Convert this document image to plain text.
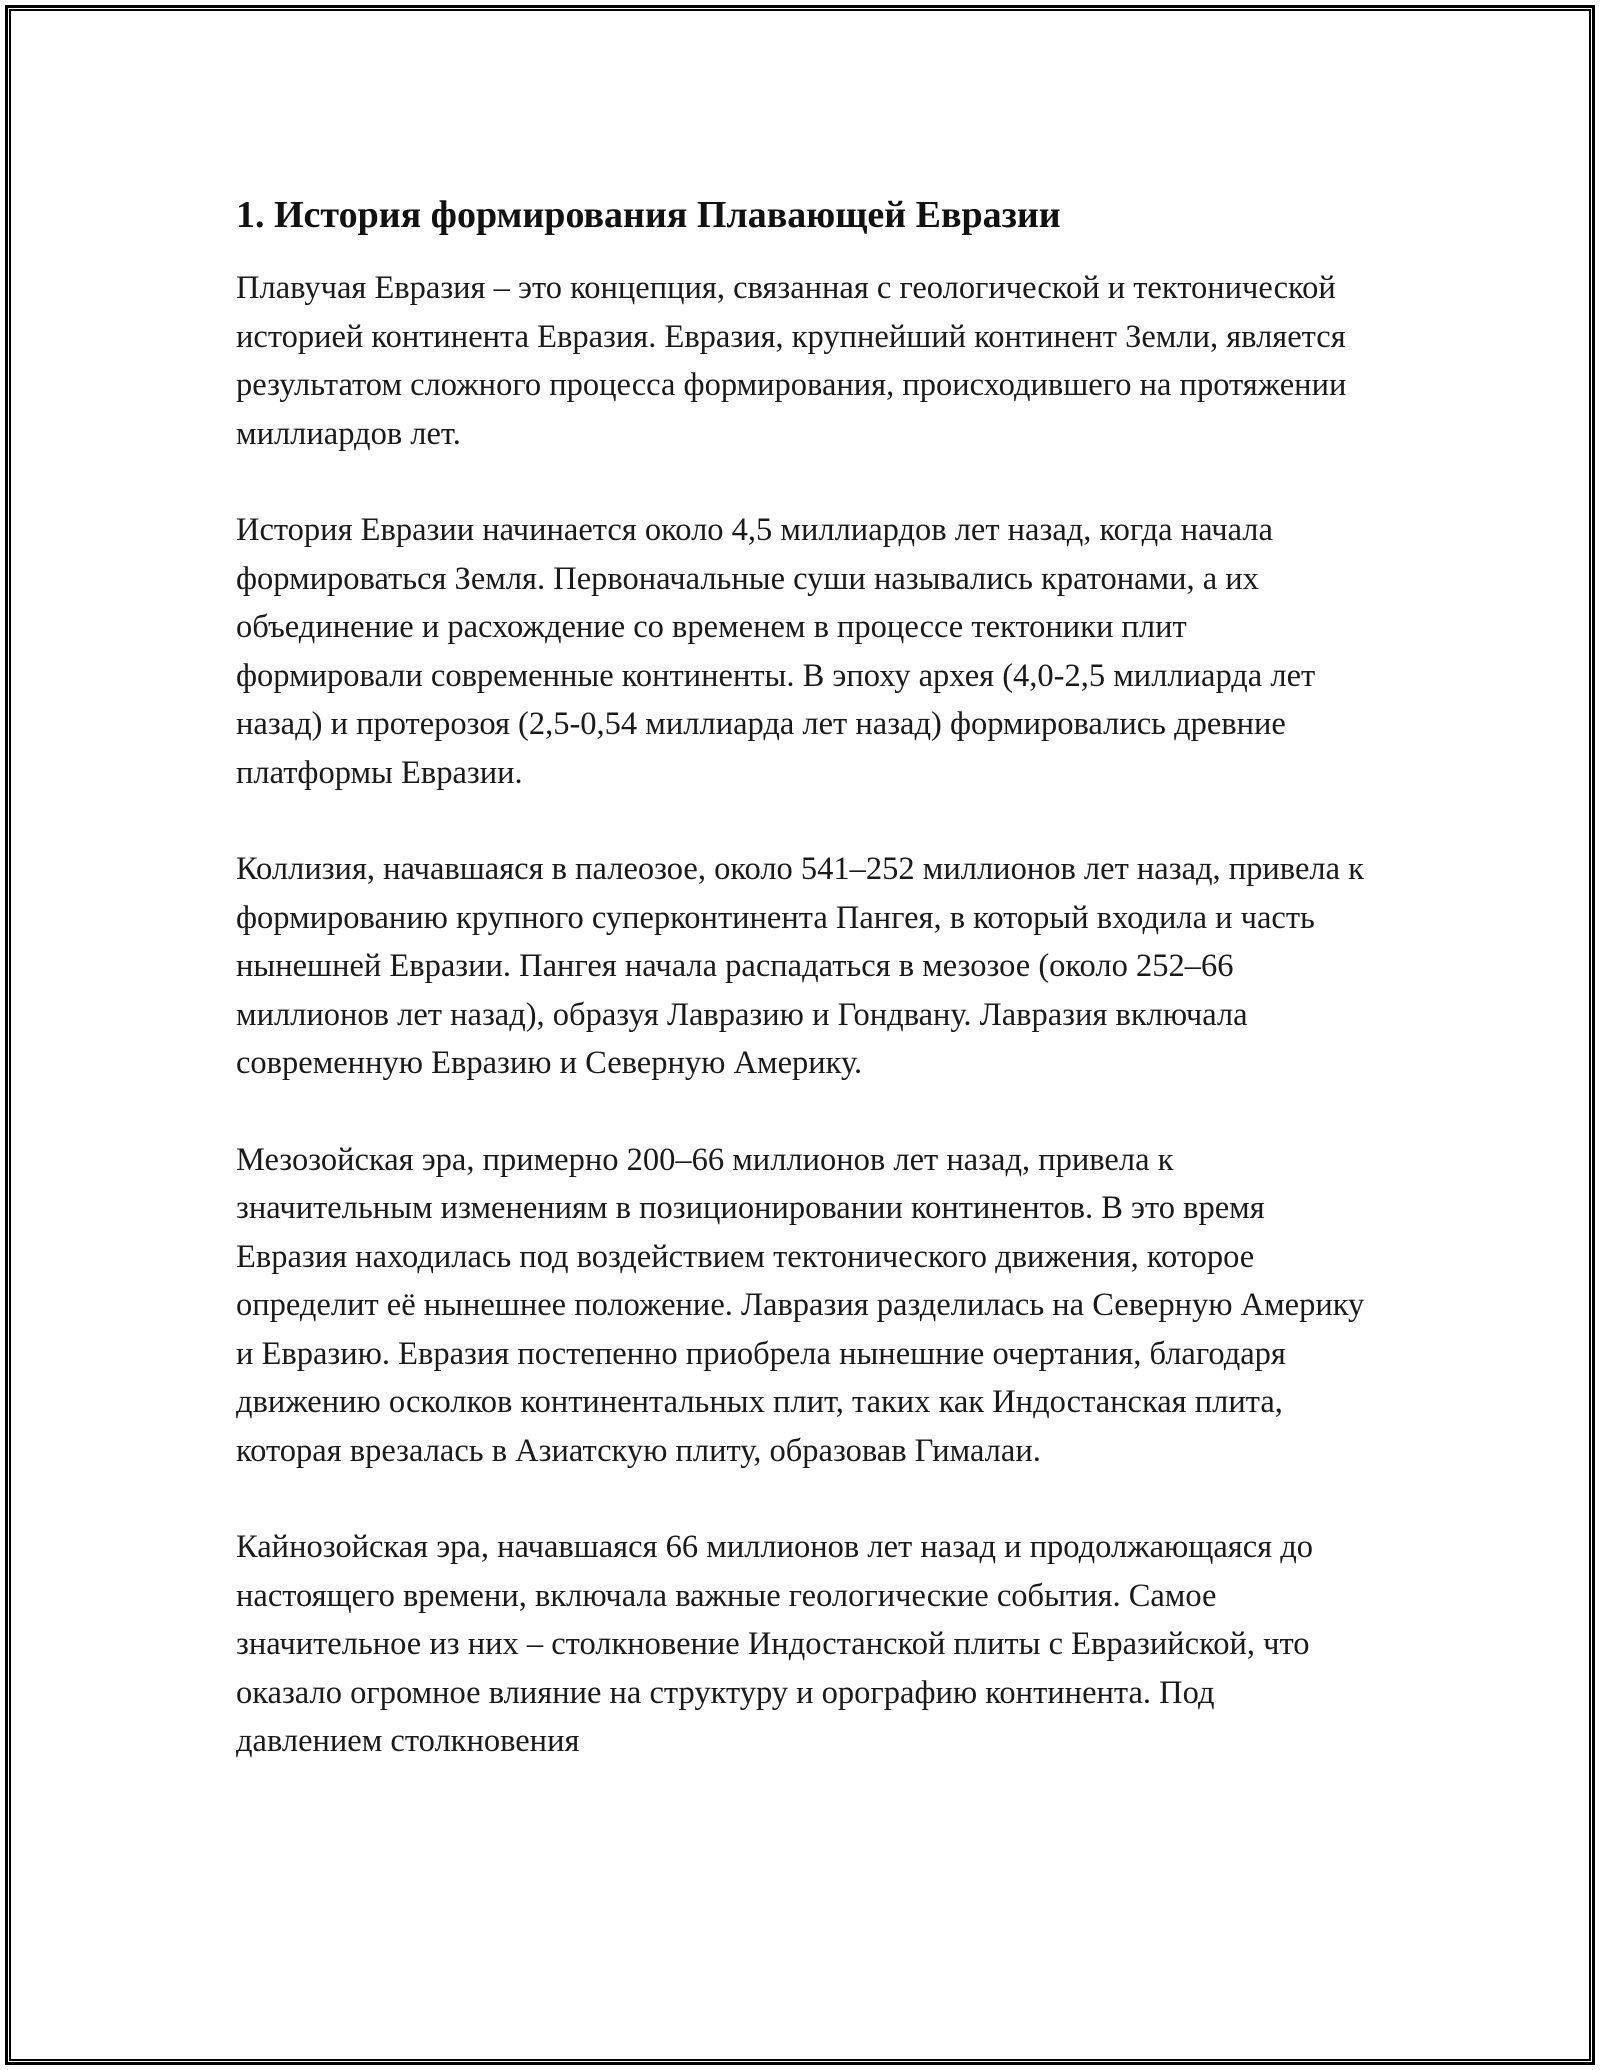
1. История формирования Плавающей Евразии

Плавучая Евразия – это концепция, связанная с геологической и тектонической историей континента Евразия. Евразия, крупнейший континент Земли, является результатом сложного процесса формирования, происходившего на протяжении миллиардов лет.

История Евразии начинается около 4,5 миллиардов лет назад, когда начала формироваться Земля. Первоначальные суши назывались кратонами, а их объединение и расхождение со временем в процессе тектоники плит формировали современные континенты. В эпоху архея (4,0-2,5 миллиарда лет назад) и протерозоя (2,5-0,54 миллиарда лет назад) формировались древние платформы Евразии.

Коллизия, начавшаяся в палеозое, около 541–252 миллионов лет назад, привела к формированию крупного суперконтинента Пангея, в который входила и часть нынешней Евразии. Пангея начала распадаться в мезозое (около 252–66 миллионов лет назад), образуя Лавразию и Гондвану. Лавразия включала современную Евразию и Северную Америку.

Мезозойская эра, примерно 200–66 миллионов лет назад, привела к значительным изменениям в позиционировании континентов. В это время Евразия находилась под воздействием тектонического движения, которое определит её нынешнее положение. Лавразия разделилась на Северную Америку и Евразию. Евразия постепенно приобрела нынешние очертания, благодаря движению осколков континентальных плит, таких как Индостанская плита, которая врезалась в Азиатскую плиту, образовав Гималаи.

Кайнозойская эра, начавшаяся 66 миллионов лет назад и продолжающаяся до настоящего времени, включала важные геологические события. Самое значительное из них – столкновение Индостанской плиты с Евразийской, что оказало огромное влияние на структуру и орографию континента. Под давлением столкновения
